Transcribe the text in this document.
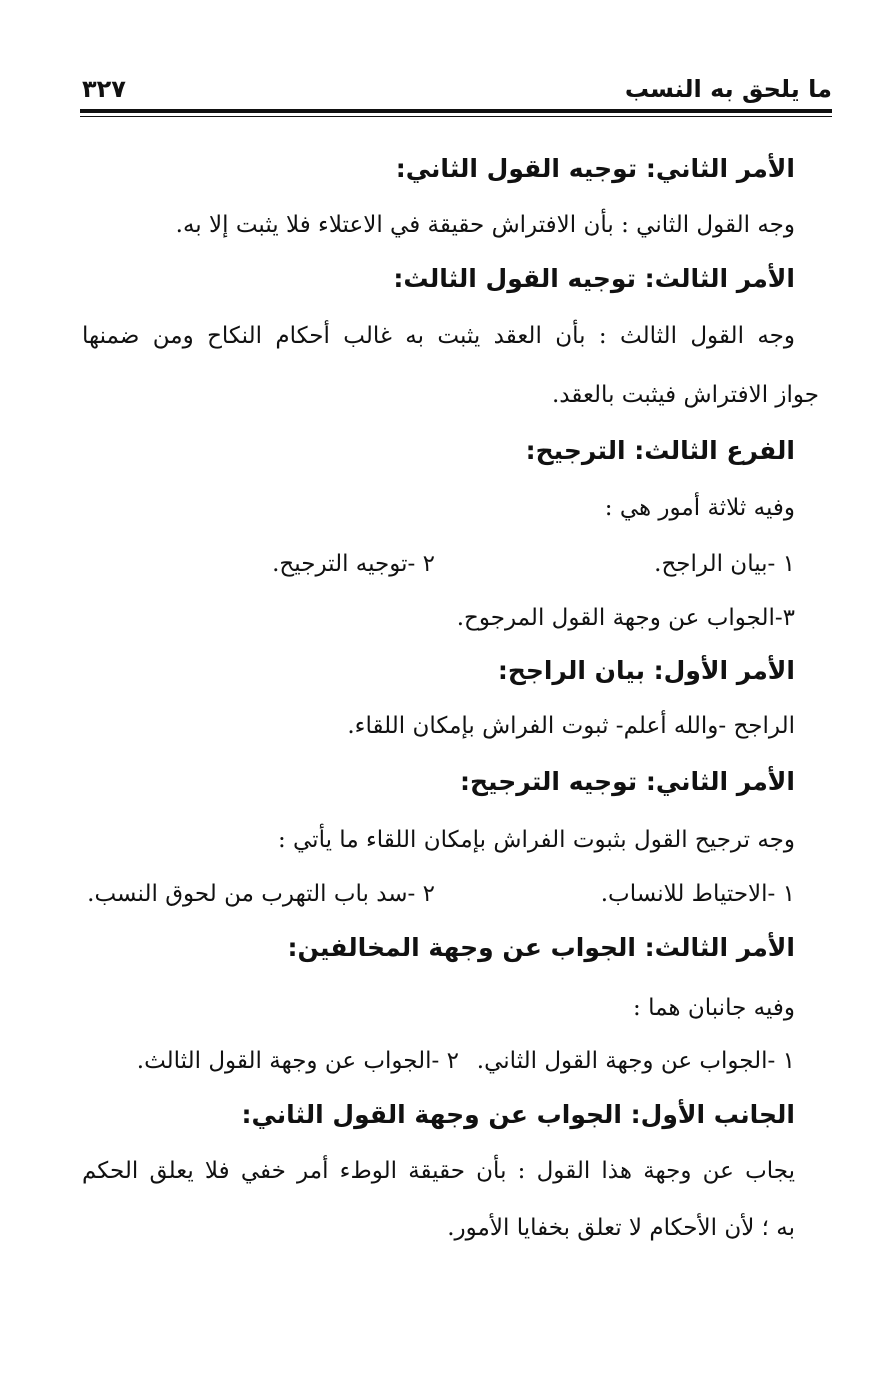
ما يلحق به النسب
٣٢٧
الأمر الثاني: توجيه القول الثاني:
وجه القول الثاني : بأن الافتراش حقيقة في الاعتلاء فلا يثبت إلا به.
الأمر الثالث: توجيه القول الثالث:
وجه القول الثالث : بأن العقد يثبت به غالب أحكام النكاح ومن ضمنها
جواز الافتراش فيثبت بالعقد.
الفرع الثالث: الترجيح:
وفيه ثلاثة أمور هي :
١ -بيان الراجح.
٢ -توجيه الترجيح.
٣-الجواب عن وجهة القول المرجوح.
الأمر الأول: بيان الراجح:
الراجح -والله أعلم- ثبوت الفراش بإمكان اللقاء.
الأمر الثاني: توجيه الترجيح:
وجه ترجيح القول بثبوت الفراش بإمكان اللقاء ما يأتي :
١ -الاحتياط للانساب.
٢ -سد باب التهرب من لحوق النسب.
الأمر الثالث: الجواب عن وجهة المخالفين:
وفيه جانبان هما :
١ -الجواب عن وجهة القول الثاني.
٢ -الجواب عن وجهة القول الثالث.
الجانب الأول: الجواب عن وجهة القول الثاني:
يجاب عن وجهة هذا القول : بأن حقيقة الوطء أمر خفي فلا يعلق الحكم
به ؛ لأن الأحكام لا تعلق بخفايا الأمور.
